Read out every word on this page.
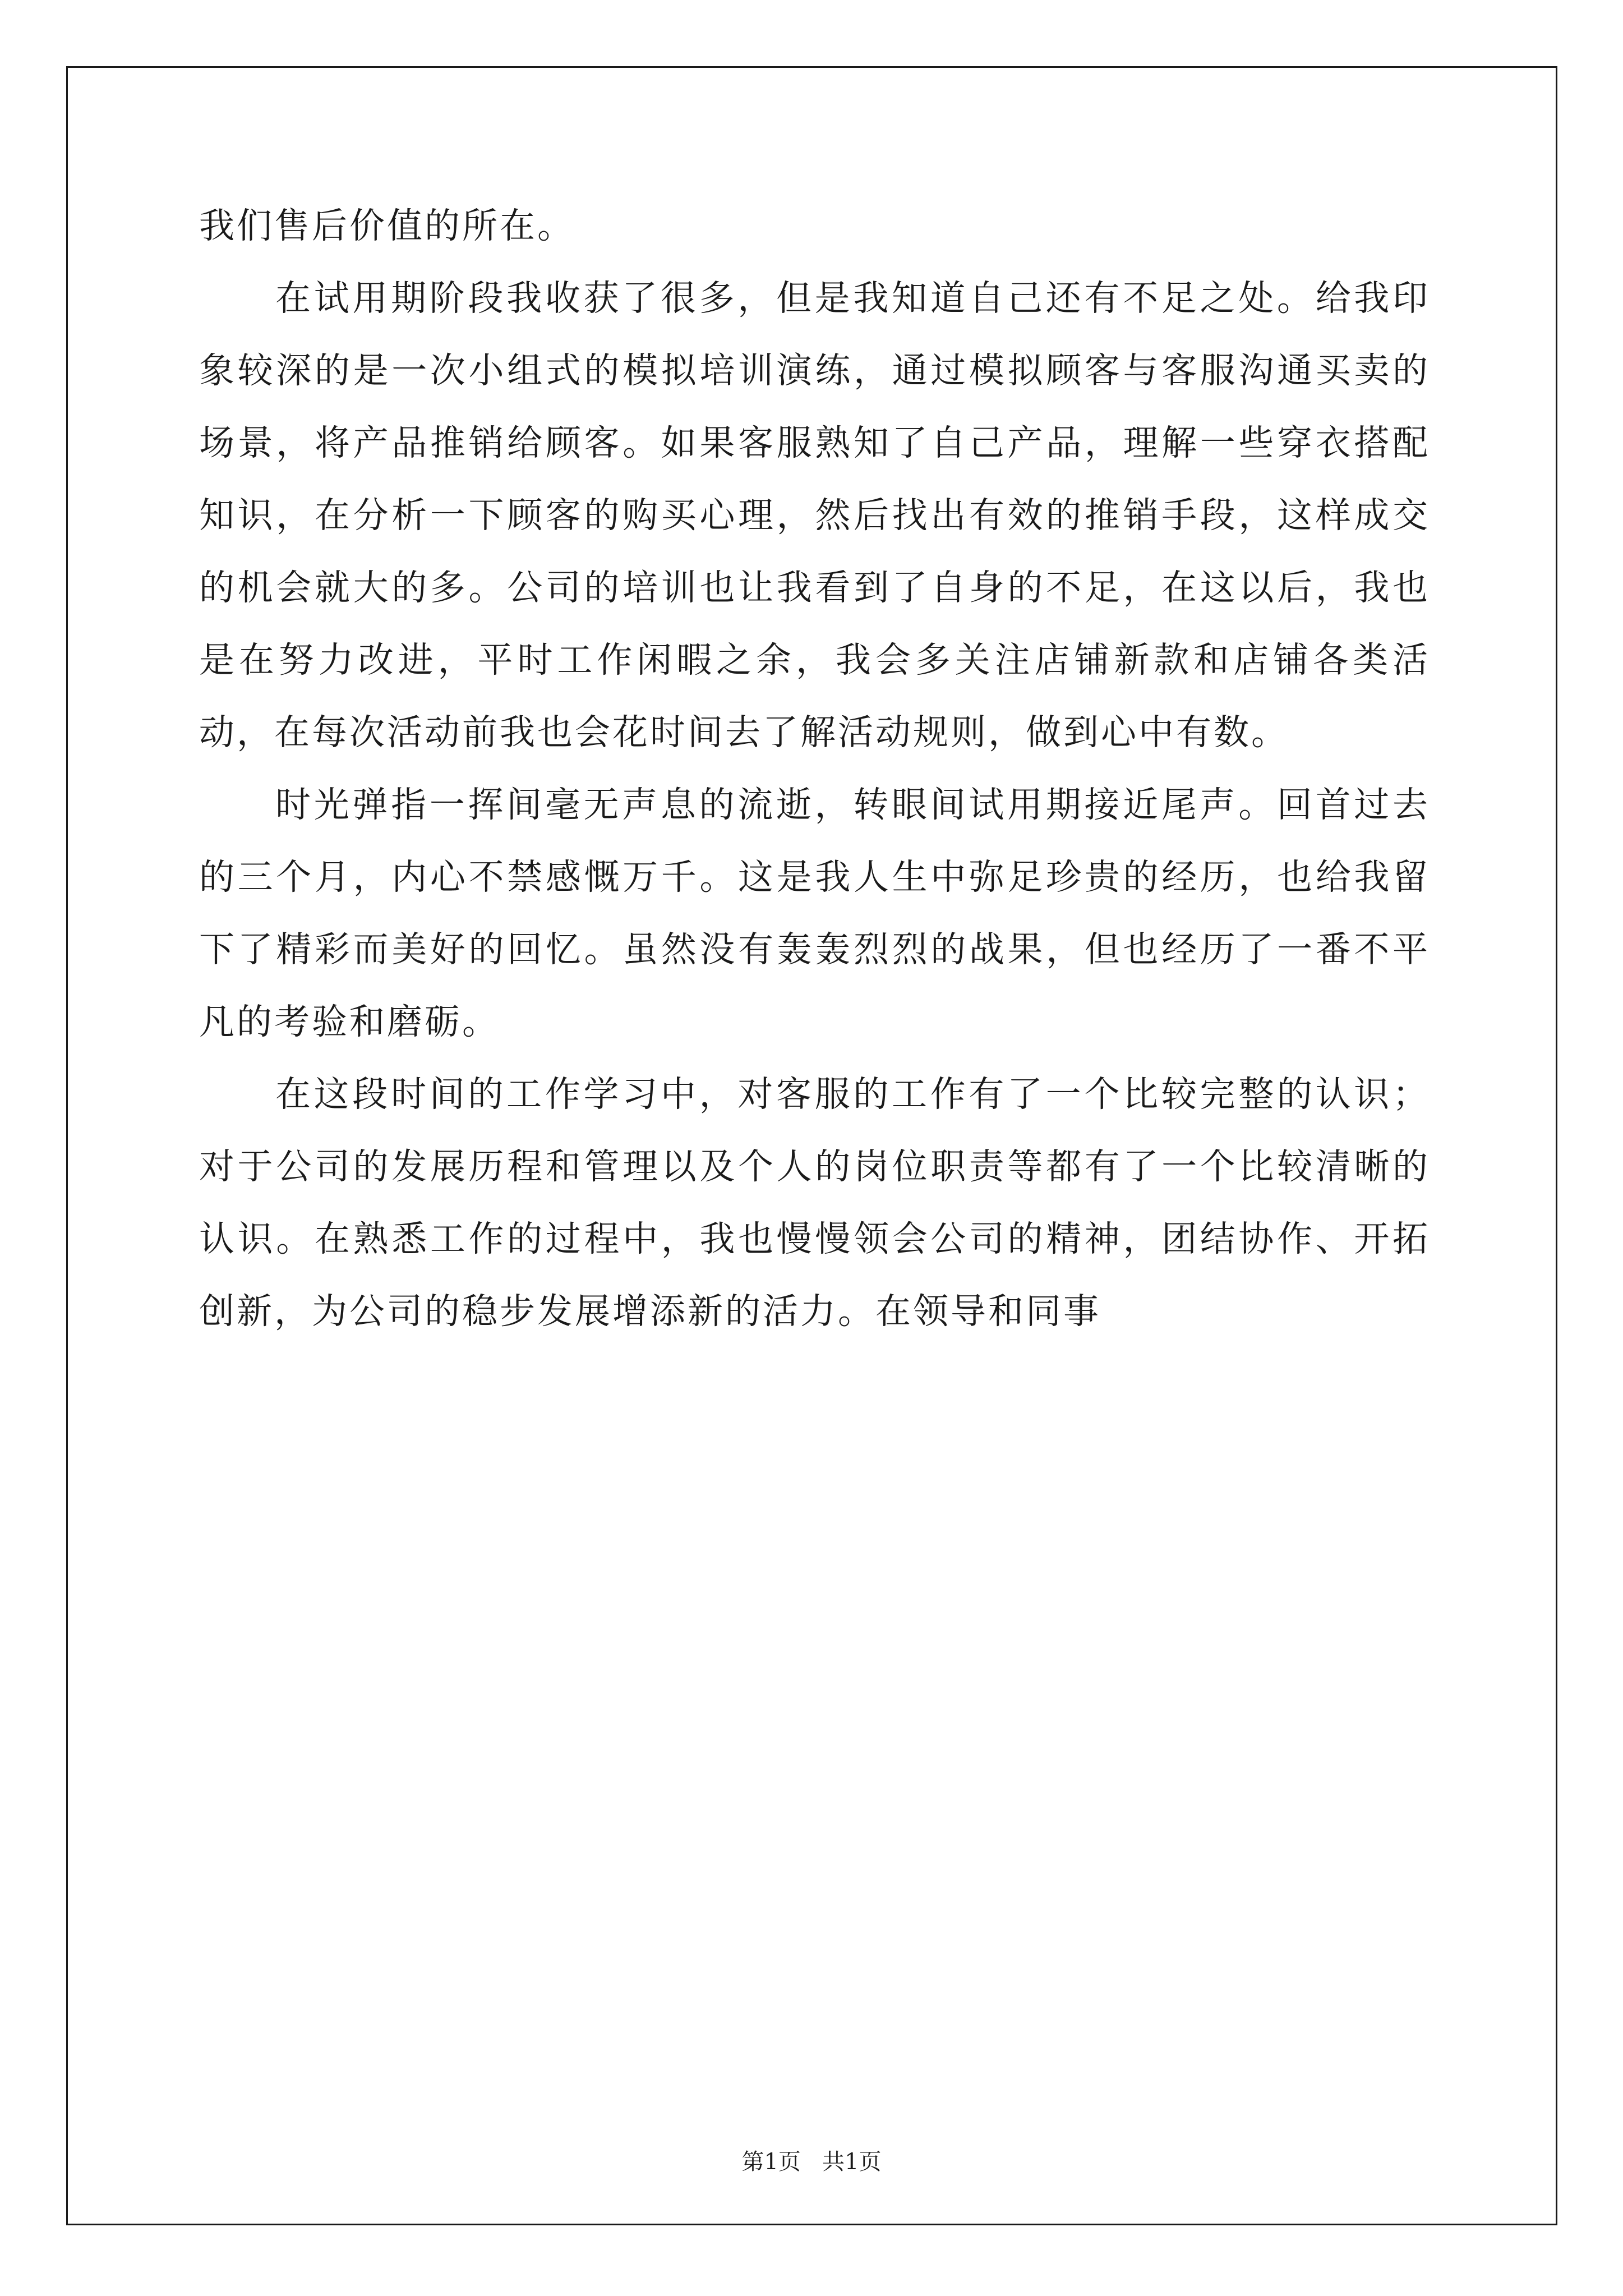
我们售后价值的所在。

在试用期阶段我收获了很多，但是我知道自己还有不足之处。给我印象较深的是一次小组式的模拟培训演练，通过模拟顾客与客服沟通买卖的场景，将产品推销给顾客。如果客服熟知了自己产品，理解一些穿衣搭配知识，在分析一下顾客的购买心理，然后找出有效的推销手段，这样成交的机会就大的多。公司的培训也让我看到了自身的不足，在这以后，我也是在努力改进，平时工作闲暇之余，我会多关注店铺新款和店铺各类活动，在每次活动前我也会花时间去了解活动规则，做到心中有数。

时光弹指一挥间毫无声息的流逝，转眼间试用期接近尾声。回首过去的三个月，内心不禁感慨万千。这是我人生中弥足珍贵的经历，也给我留下了精彩而美好的回忆。虽然没有轰轰烈烈的战果，但也经历了一番不平凡的考验和磨砺。

在这段时间的工作学习中，对客服的工作有了一个比较完整的认识；对于公司的发展历程和管理以及个人的岗位职责等都有了一个比较清晰的认识。在熟悉工作的过程中，我也慢慢领会公司的精神，团结协作、开拓创新，为公司的稳步发展增添新的活力。在领导和同事

第1页   共1页
